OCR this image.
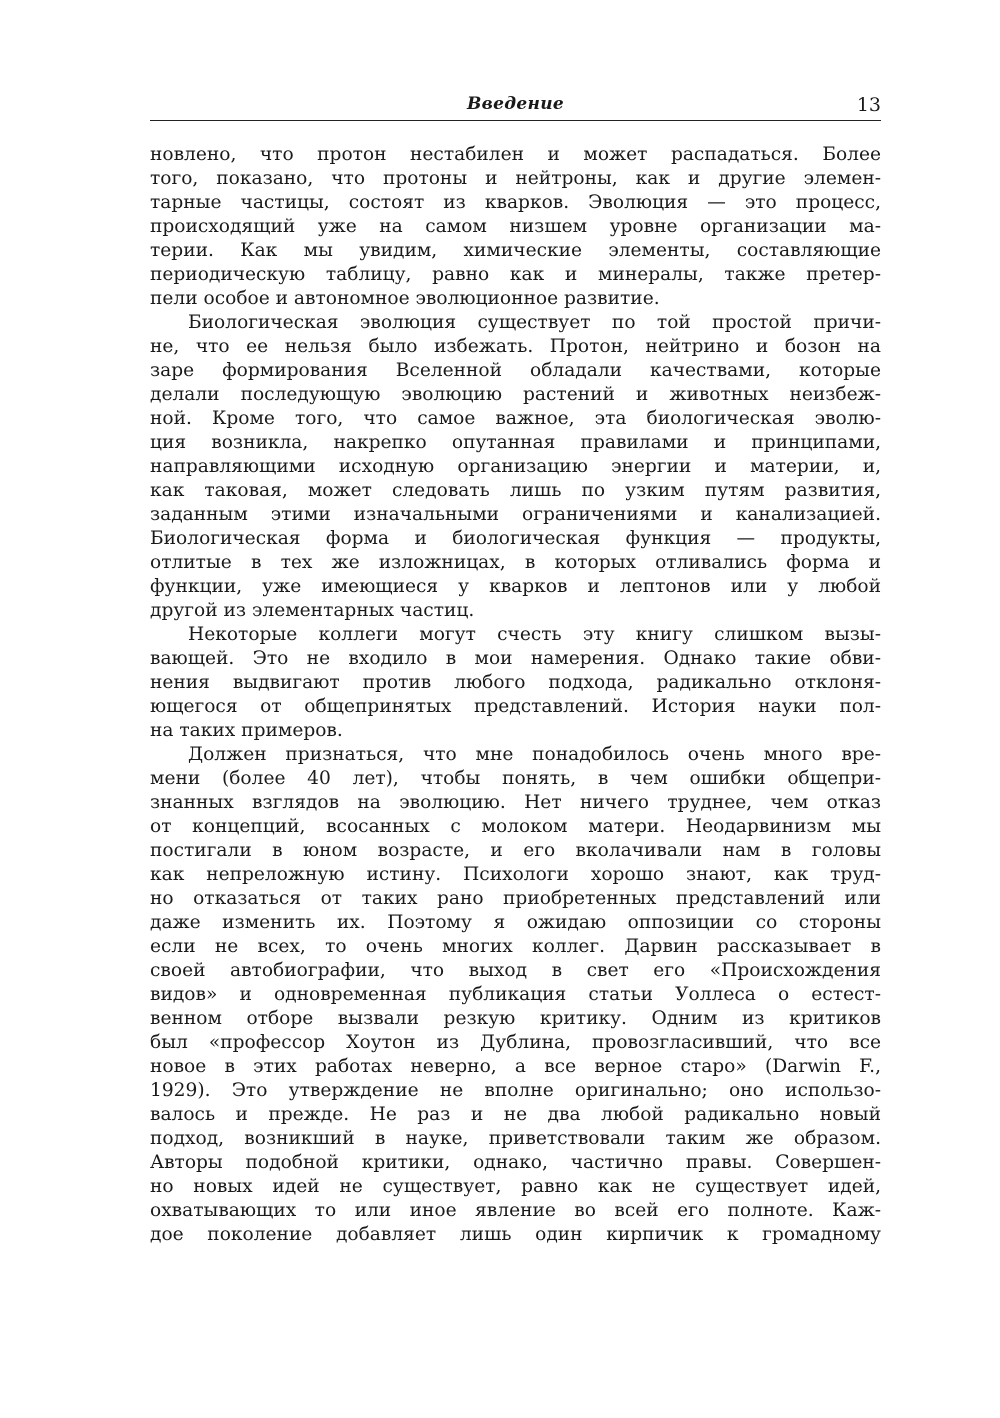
Введение	13
новлено, что протон нестабилен и может распадаться. Более
того, показано, что протоны и нейтроны, как и другие элемен-
тарные частицы, состоят из кварков. Эволюция — это процесс,
происходящий уже на самом низшем уровне организации ма-
терии. Как мы увидим, химические элементы, составляющие
периодическую таблицу, равно как и минералы, также претер-
пели особое и автономное эволюционное развитие.
Биологическая эволюция существует по той простой причи-
не, что ее нельзя было избежать. Протон, нейтрино и бозон на
заре формирования Вселенной обладали качествами, которые
делали последующую эволюцию растений и животных неизбеж-
ной. Кроме того, что самое важное, эта биологическая эволю-
ция возникла, накрепко опутанная правилами и принципами,
направляющими исходную организацию энергии и материи, и,
как таковая, может следовать лишь по узким путям развития,
заданным этими изначальными ограничениями и канализацией.
Биологическая форма и биологическая функция — продукты,
отлитые в тех же изложницах, в которых отливались форма и
функции, уже имеющиеся у кварков и лептонов или у любой
другой из элементарных частиц.
Некоторые коллеги могут счесть эту книгу слишком вызы-
вающей. Это не входило в мои намерения. Однако такие обви-
нения выдвигают против любого подхода, радикально отклоня-
ющегося от общепринятых представлений. История науки пол-
на таких примеров.
Должен признаться, что мне понадобилось очень много вре-
мени (более 40 лет), чтобы понять, в чем ошибки общепри-
знанных взглядов на эволюцию. Нет ничего труднее, чем отказ
от концепций, всосанных с молоком матери. Неодарвинизм мы
постигали в юном возрасте, и его вколачивали нам в головы
как непреложную истину. Психологи хорошо знают, как труд-
но отказаться от таких рано приобретенных представлений или
даже изменить их. Поэтому я ожидаю оппозиции со стороны
если не всех, то очень многих коллег. Дарвин рассказывает в
своей автобиографии, что выход в свет его «Происхождения
видов» и одновременная публикация статьи Уоллеса о естест-
венном отборе вызвали резкую критику. Одним из критиков
был «профессор Хоутон из Дублина, провозгласивший, что все
новое в этих работах неверно, а все верное старо» (Darwin F.,
1929). Это утверждение не вполне оригинально; оно использо-
валось и прежде. Не раз и не два любой радикально новый
подход, возникший в науке, приветствовали таким же образом.
Авторы подобной критики, однако, частично правы. Совершен-
но новых идей не существует, равно как не существует идей,
охватывающих то или иное явление во всей его полноте. Каж-
дое поколение добавляет лишь один кирпичик к громадному
